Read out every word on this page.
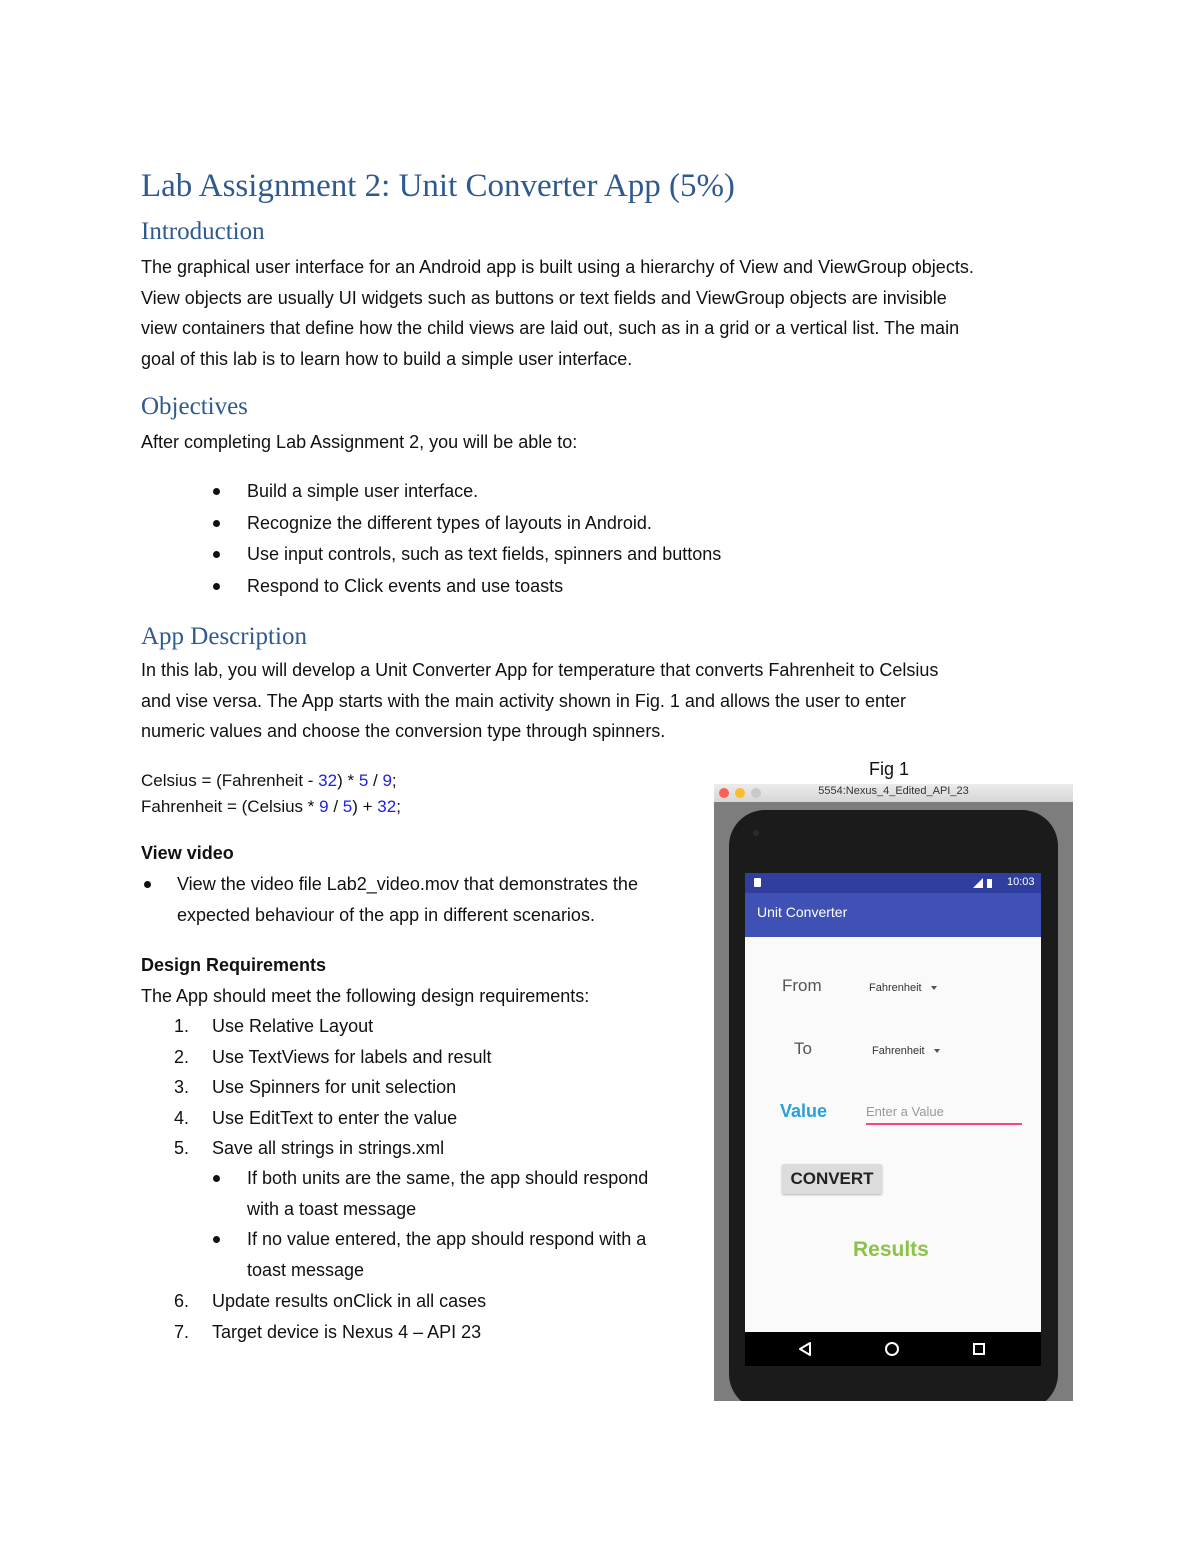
Lab Assignment 2: Unit Converter App (5%)
Introduction
The graphical user interface for an Android app is built using a hierarchy of View and ViewGroup objects.
View objects are usually UI widgets such as buttons or text fields and ViewGroup objects are invisible
view containers that define how the child views are laid out, such as in a grid or a vertical list. The main
goal of this lab is to learn how to build a simple user interface.
Objectives
After completing Lab Assignment 2, you will be able to:
Build a simple user interface.
Recognize the different types of layouts in Android.
Use input controls, such as text fields, spinners and buttons
Respond to Click events and use toasts
App Description
In this lab, you will develop a Unit Converter App for temperature that converts Fahrenheit to Celsius
and vise versa. The App starts with the main activity shown in Fig. 1 and allows the user to enter
numeric values and choose the conversion type through spinners.
Celsius = (Fahrenheit - 32) * 5 / 9;
Fahrenheit = (Celsius * 9 / 5) + 32;
View video
View the video file Lab2_video.mov that demonstrates the
expected behaviour of the app in different scenarios.
Design Requirements
The App should meet the following design requirements:
1. Use Relative Layout
2. Use TextViews for labels and result
3. Use Spinners for unit selection
4. Use EditText to enter the value
5. Save all strings in strings.xml
If both units are the same, the app should respond
with a toast message
If no value entered, the app should respond with a
toast message
6. Update results onClick in all cases
7. Target device is Nexus 4 – API 23
Fig 1
5554:Nexus_4_Edited_API_23
10:03
Unit Converter
From	Fahrenheit
To	Fahrenheit
Value	Enter a Value
CONVERT
Results
